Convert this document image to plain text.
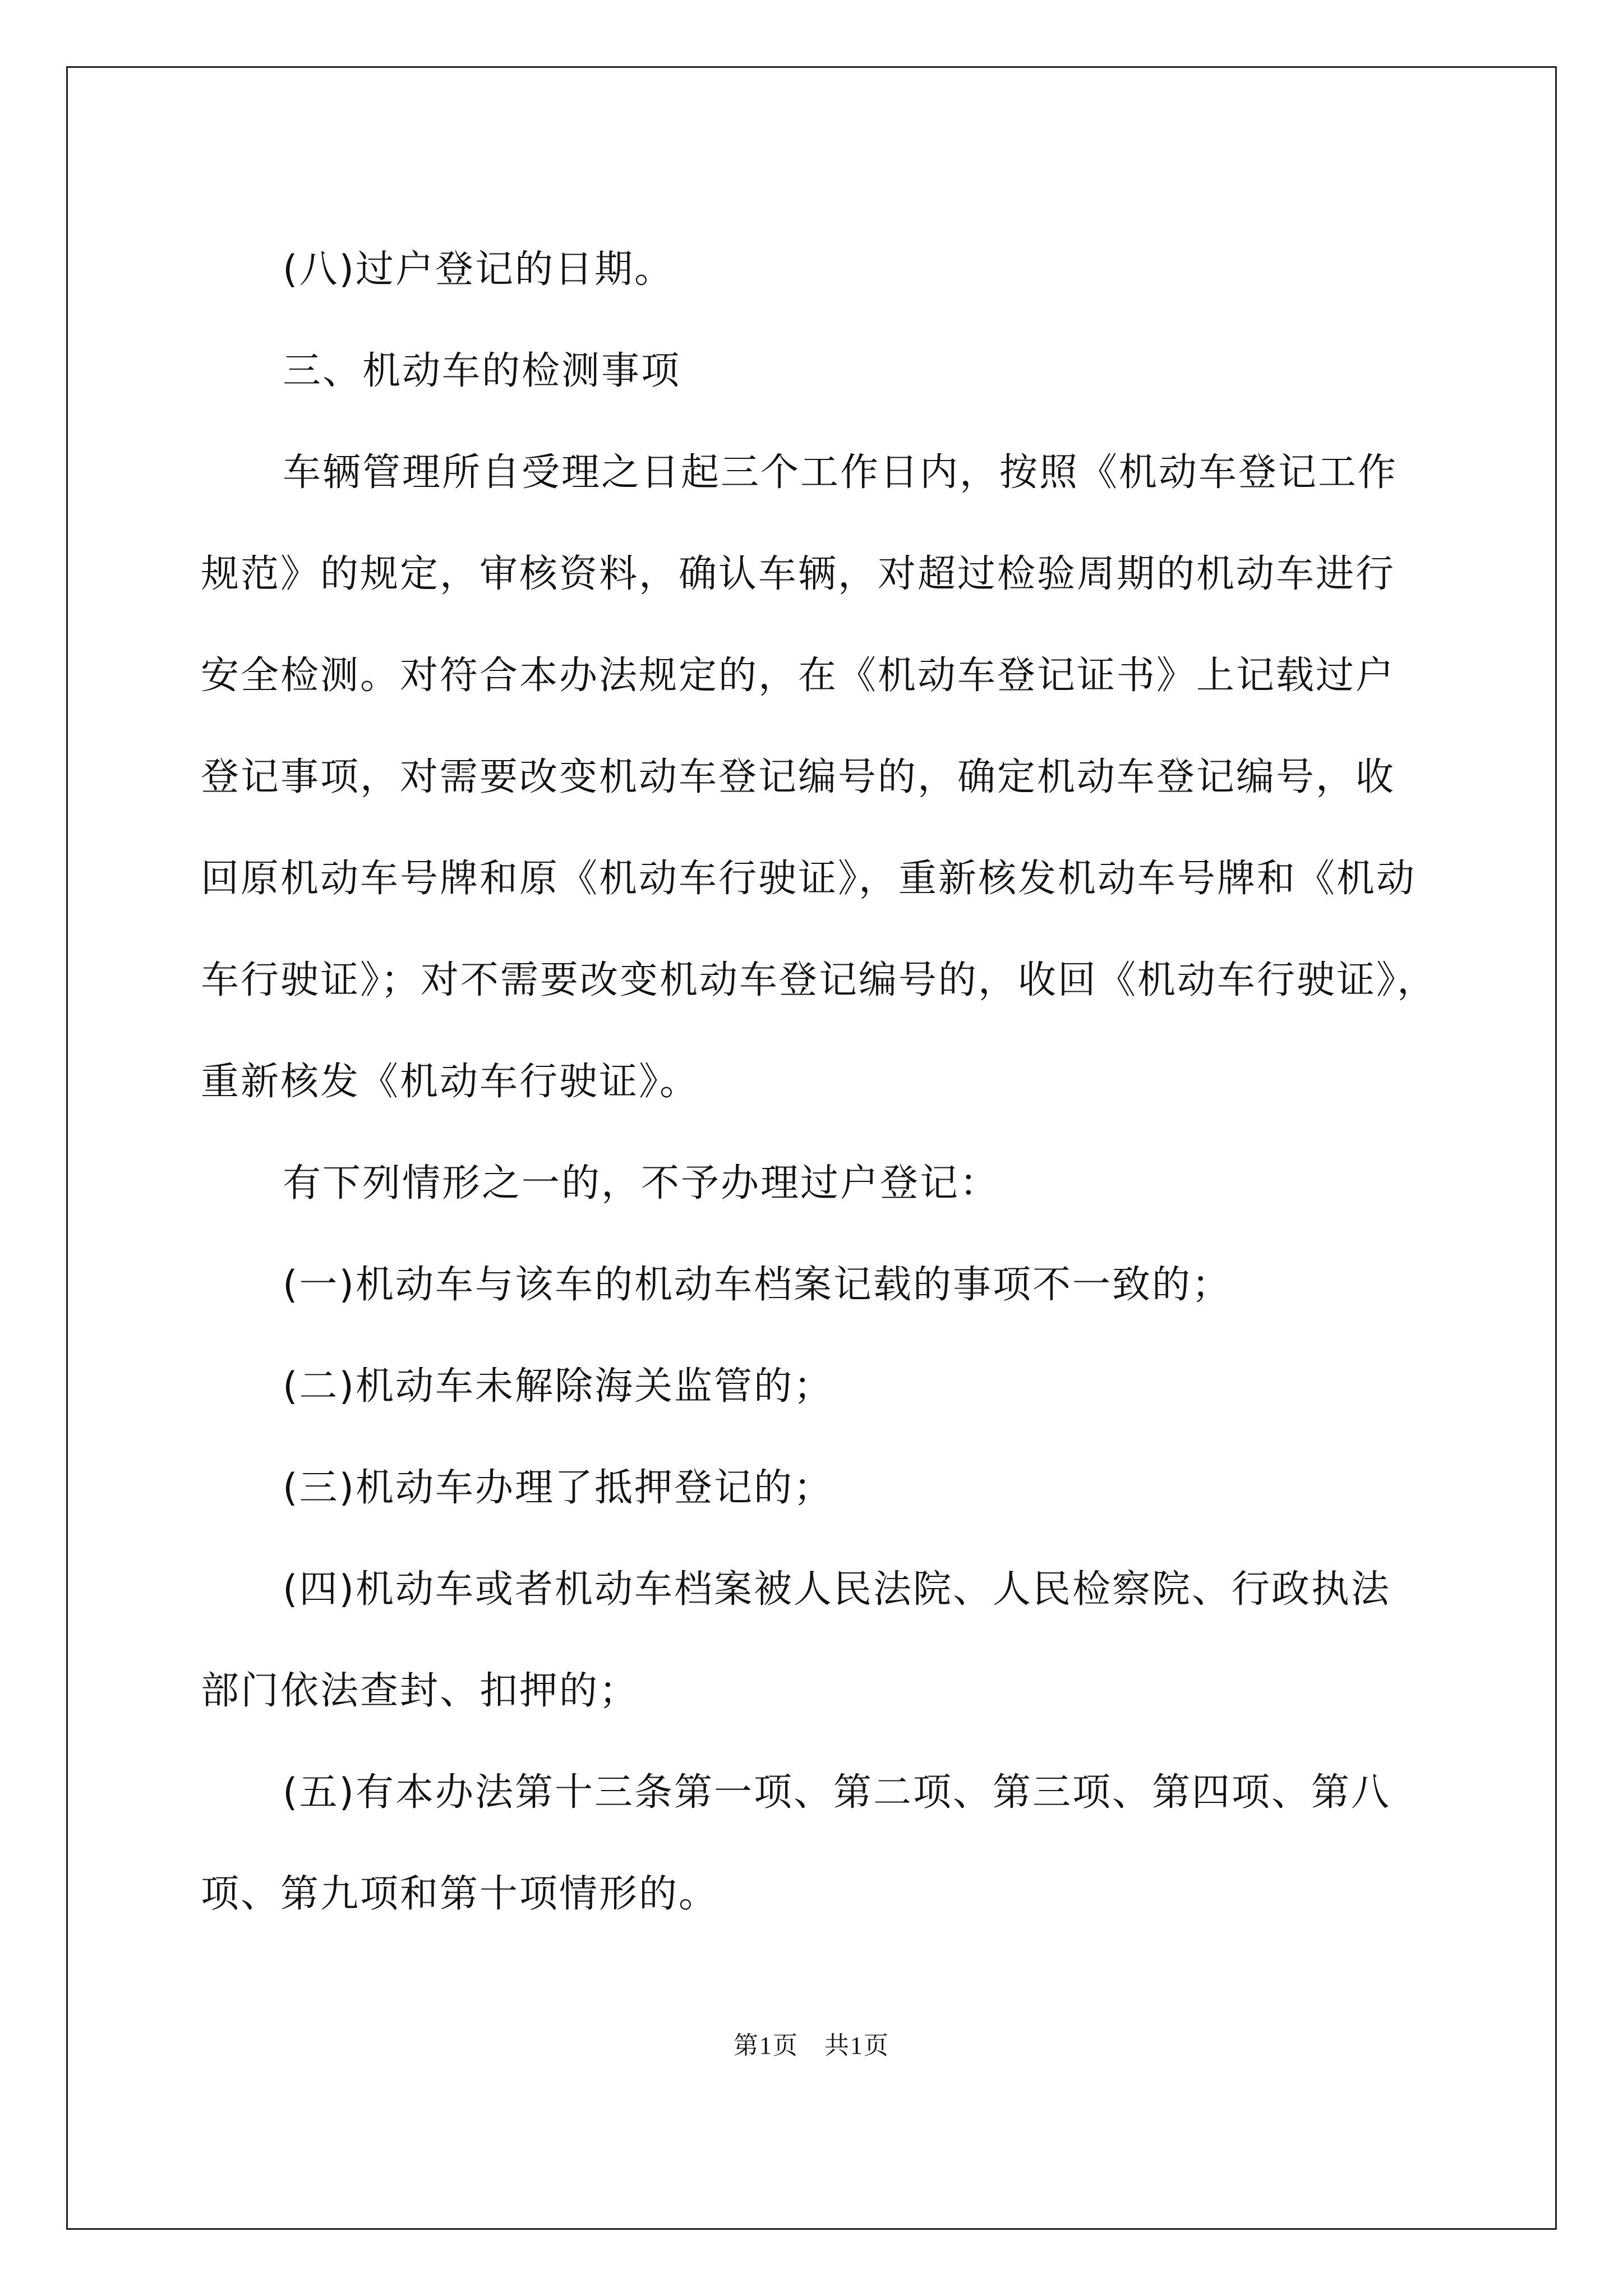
(八)过户登记的日期。

三、机动车的检测事项

车辆管理所自受理之日起三个工作日内，按照《机动车登记工作

规范》的规定，审核资料，确认车辆，对超过检验周期的机动车进行

安全检测。对符合本办法规定的，在《机动车登记证书》上记载过户

登记事项，对需要改变机动车登记编号的，确定机动车登记编号，收

回原机动车号牌和原《机动车行驶证》，重新核发机动车号牌和《机动

车行驶证》；对不需要改变机动车登记编号的，收回《机动车行驶证》，

重新核发《机动车行驶证》。

有下列情形之一的，不予办理过户登记：

(一)机动车与该车的机动车档案记载的事项不一致的；

(二)机动车未解除海关监管的；

(三)机动车办理了抵押登记的；

(四)机动车或者机动车档案被人民法院、人民检察院、行政执法

部门依法查封、扣押的；

(五)有本办法第十三条第一项、第二项、第三项、第四项、第八

项、第九项和第十项情形的。

第1页　共1页
